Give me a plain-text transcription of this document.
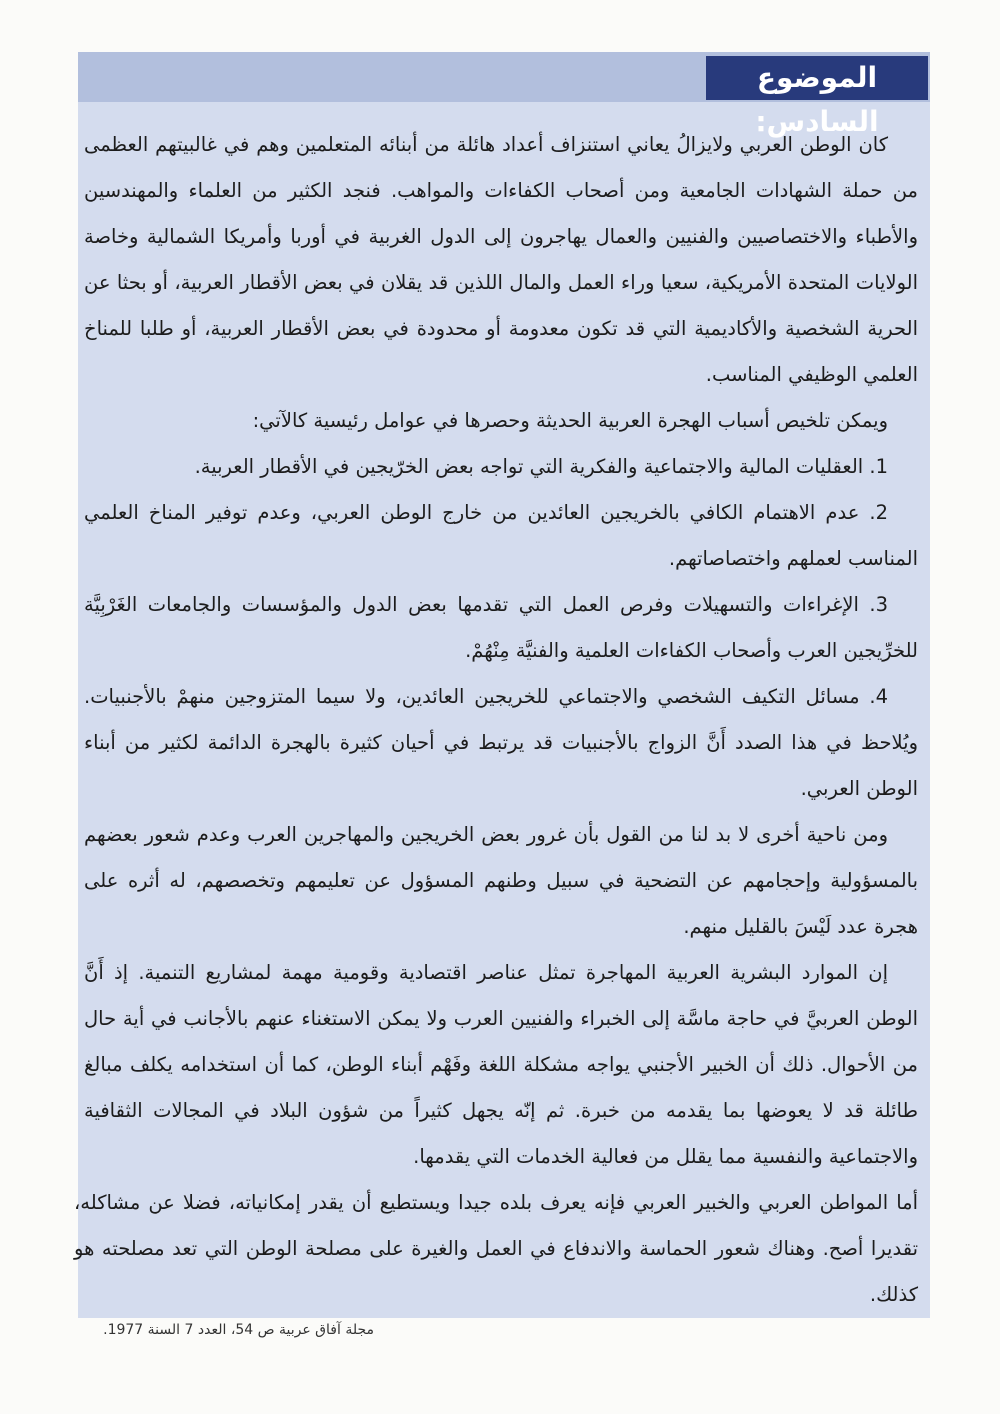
الموضوع السادس:

كان الوطن العربي ولايزالُ يعاني استنزاف أعداد هائلة من أبنائه المتعلمين وهم في غالبيتهم العظمى من حملة الشهادات الجامعية ومن أصحاب الكفاءات والمواهب. فنجد الكثير من العلماء والمهندسين والأطباء والاختصاصيين والفنيين والعمال يهاجرون إلى الدول الغربية في أوربا وأمريكا الشمالية وخاصة الولايات المتحدة الأمريكية، سعيا وراء العمل والمال اللذين قد يقلان في بعض الأقطار العربية، أو بحثا عن الحرية الشخصية والأكاديمية التي قد تكون معدومة أو محدودة في بعض الأقطار العربية، أو طلبا للمناخ العلمي الوظيفي المناسب.

ويمكن تلخيص أسباب الهجرة العربية الحديثة وحصرها في عوامل رئيسية كالآتي:

1. العقليات المالية والاجتماعية والفكرية التي تواجه بعض الخرّيجين في الأقطار العربية.

2. عدم الاهتمام الكافي بالخريجين العائدين من خارج الوطن العربي، وعدم توفير المناخ العلمي المناسب لعملهم واختصاصاتهم.

3. الإغراءات والتسهيلات وفرص العمل التي تقدمها بعض الدول والمؤسسات والجامعات الغَرْبِيَّة للخرِّيجين العرب وأصحاب الكفاءات العلمية والفنيَّة مِنْهُمْ.

4. مسائل التكيف الشخصي والاجتماعي للخريجين العائدين، ولا سيما المتزوجين منهمْ بالأجنبيات. ويُلاحظ في هذا الصدد أَنَّ الزواج بالأجنبيات قد يرتبط في أحيان كثيرة بالهجرة الدائمة لكثير من أبناء الوطن العربي.

ومن ناحية أخرى لا بد لنا من القول بأن غرور بعض الخريجين والمهاجرين العرب وعدم شعور بعضهم بالمسؤولية وإحجامهم عن التضحية في سبيل وطنهم المسؤول عن تعليمهم وتخصصهم، له أثره على هجرة عدد لَيْسَ بالقليل منهم.

إن الموارد البشرية العربية المهاجرة تمثل عناصر اقتصادية وقومية مهمة لمشاريع التنمية. إذ أَنَّ الوطن العربيَّ في حاجة ماسَّة إلى الخبراء والفنيين العرب ولا يمكن الاستغناء عنهم بالأجانب في أية حال من الأحوال. ذلك أن الخبير الأجنبي يواجه مشكلة اللغة وفَهْم أبناء الوطن، كما أن استخدامه يكلف مبالغ طائلة قد لا يعوضها بما يقدمه من خبرة. ثم إنّه يجهل كثيراً من شؤون البلاد في المجالات الثقافية والاجتماعية والنفسية مما يقلل من فعالية الخدمات التي يقدمها.

أما المواطن العربي والخبير العربي فإنه يعرف بلده جيدا ويستطيع أن يقدر إمكانياته، فضلا عن مشاكله، تقديرا أصح. وهناك شعور الحماسة والاندفاع في العمل والغيرة على مصلحة الوطن التي تعد مصلحته هو كذلك.

مجلة آفاق عربية ص 54، العدد 7 السنة 1977.
